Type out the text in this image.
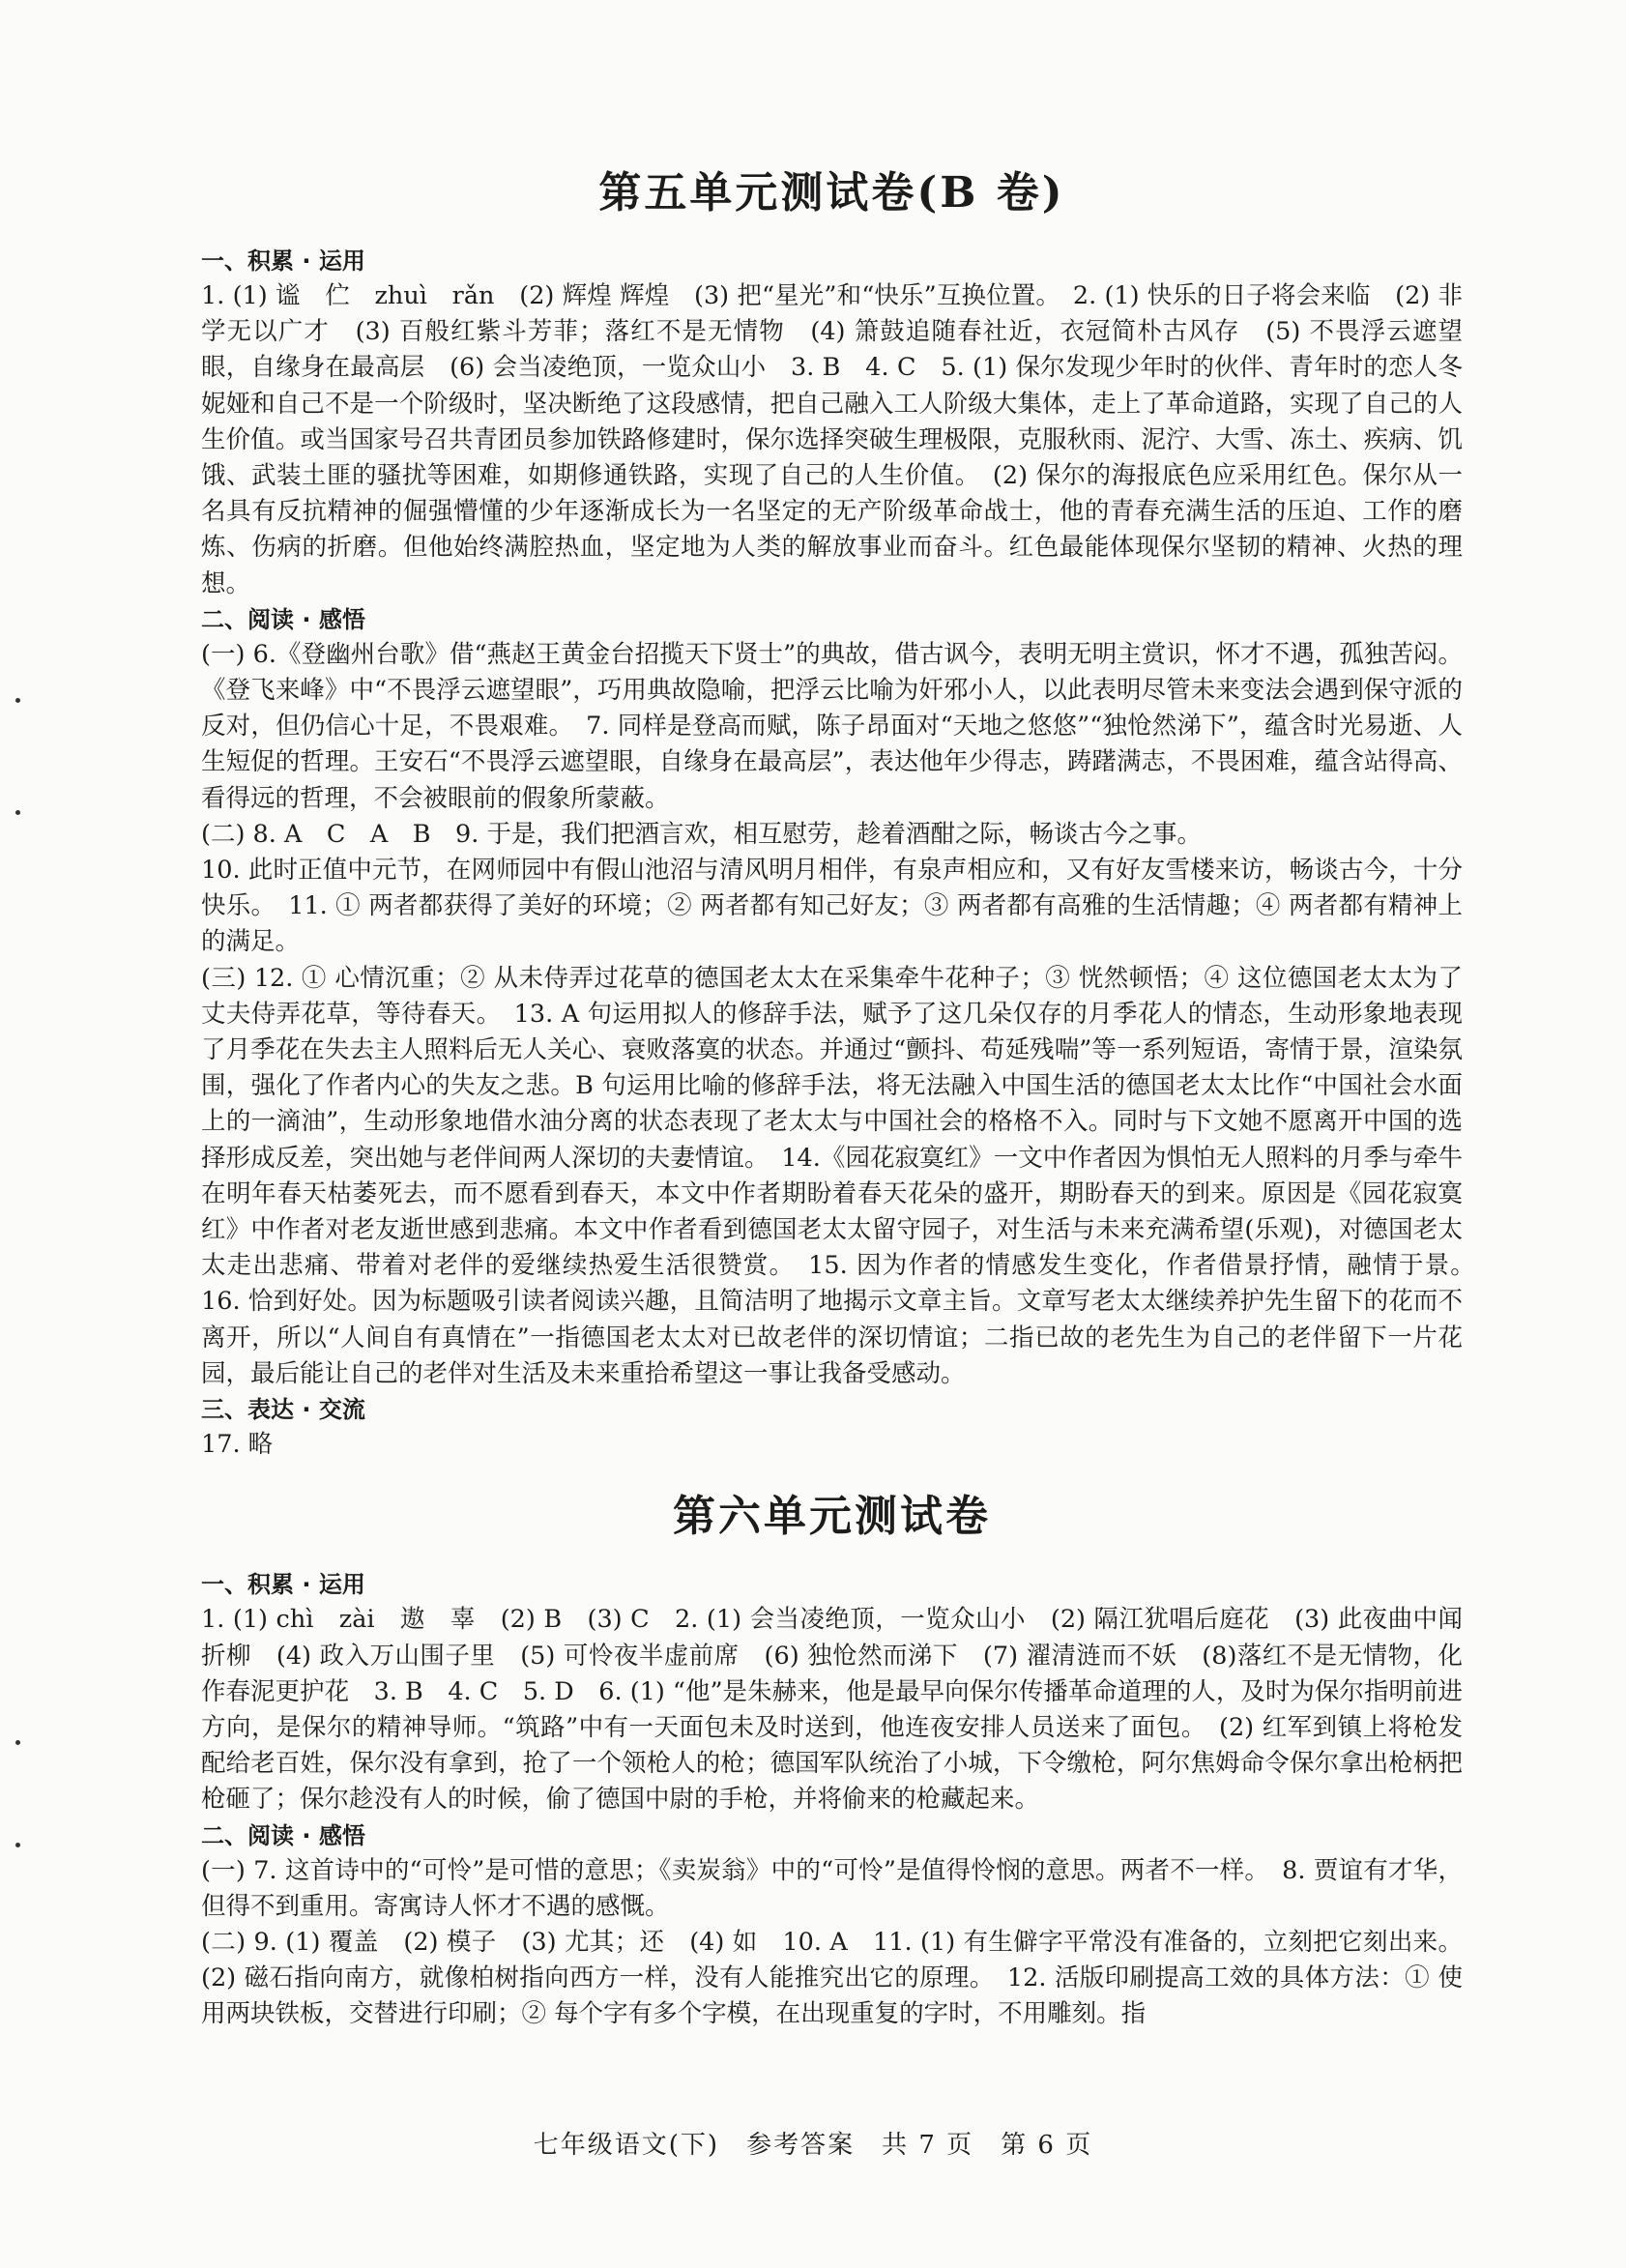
第五单元测试卷(B 卷)
一、积累 · 运用

1. (1) 谧　伫　zhuì　rǎn　(2) 辉煌 辉煌　(3) 把“星光”和“快乐”互换位置。　2. (1) 快乐的日子将会来临　(2) 非学无以广才　(3) 百般红紫斗芳菲；落红不是无情物　(4) 箫鼓追随春社近，衣冠简朴古风存　(5) 不畏浮云遮望眼，自缘身在最高层　(6) 会当凌绝顶，一览众山小　3. B　4. C　5. (1) 保尔发现少年时的伙伴、青年时的恋人冬妮娅和自己不是一个阶级时，坚决断绝了这段感情，把自己融入工人阶级大集体，走上了革命道路，实现了自己的人生价值。或当国家号召共青团员参加铁路修建时，保尔选择突破生理极限，克服秋雨、泥泞、大雪、冻土、疾病、饥饿、武装土匪的骚扰等困难，如期修通铁路，实现了自己的人生价值。　(2) 保尔的海报底色应采用红色。保尔从一名具有反抗精神的倔强懵懂的少年逐渐成长为一名坚定的无产阶级革命战士，他的青春充满生活的压迫、工作的磨炼、伤病的折磨。但他始终满腔热血，坚定地为人类的解放事业而奋斗。红色最能体现保尔坚韧的精神、火热的理想。

二、阅读 · 感悟

(一) 6.《登幽州台歌》借“燕赵王黄金台招揽天下贤士”的典故，借古讽今，表明无明主赏识，怀才不遇，孤独苦闷。《登飞来峰》中“不畏浮云遮望眼”，巧用典故隐喻，把浮云比喻为奸邪小人，以此表明尽管未来变法会遇到保守派的反对，但仍信心十足，不畏艰难。　7. 同样是登高而赋，陈子昂面对“天地之悠悠”“独怆然涕下”，蕴含时光易逝、人生短促的哲理。王安石“不畏浮云遮望眼，自缘身在最高层”，表达他年少得志，踌躇满志，不畏困难，蕴含站得高、看得远的哲理，不会被眼前的假象所蒙蔽。

(二) 8. A　C　A　B　9. 于是，我们把酒言欢，相互慰劳，趁着酒酣之际，畅谈古今之事。

10. 此时正值中元节，在网师园中有假山池沼与清风明月相伴，有泉声相应和，又有好友雪楼来访，畅谈古今，十分快乐。　11. ① 两者都获得了美好的环境；② 两者都有知己好友；③ 两者都有高雅的生活情趣；④ 两者都有精神上的满足。

(三) 12. ① 心情沉重；② 从未侍弄过花草的德国老太太在采集牵牛花种子；③ 恍然顿悟；④ 这位德国老太太为了丈夫侍弄花草，等待春天。　13. A 句运用拟人的修辞手法，赋予了这几朵仅存的月季花人的情态，生动形象地表现了月季花在失去主人照料后无人关心、衰败落寞的状态。并通过“颤抖、苟延残喘”等一系列短语，寄情于景，渲染氛围，强化了作者内心的失友之悲。B 句运用比喻的修辞手法，将无法融入中国生活的德国老太太比作“中国社会水面上的一滴油”，生动形象地借水油分离的状态表现了老太太与中国社会的格格不入。同时与下文她不愿离开中国的选择形成反差，突出她与老伴间两人深切的夫妻情谊。　14.《园花寂寞红》一文中作者因为惧怕无人照料的月季与牵牛在明年春天枯萎死去，而不愿看到春天，本文中作者期盼着春天花朵的盛开，期盼春天的到来。原因是《园花寂寞红》中作者对老友逝世感到悲痛。本文中作者看到德国老太太留守园子，对生活与未来充满希望(乐观)，对德国老太太走出悲痛、带着对老伴的爱继续热爱生活很赞赏。　15. 因为作者的情感发生变化，作者借景抒情，融情于景。　16. 恰到好处。因为标题吸引读者阅读兴趣，且简洁明了地揭示文章主旨。文章写老太太继续养护先生留下的花而不离开，所以“人间自有真情在”一指德国老太太对已故老伴的深切情谊；二指已故的老先生为自己的老伴留下一片花园，最后能让自己的老伴对生活及未来重拾希望这一事让我备受感动。

三、表达 · 交流

17. 略

第六单元测试卷
一、积累 · 运用

1. (1) chì　zài　遨　辜　(2) B　(3) C　2. (1) 会当凌绝顶，一览众山小　(2) 隔江犹唱后庭花　(3) 此夜曲中闻折柳　(4) 政入万山围子里　(5) 可怜夜半虚前席　(6) 独怆然而涕下　(7) 濯清涟而不妖　(8)落红不是无情物，化作春泥更护花　3. B　4. C　5. D　6. (1) “他”是朱赫来，他是最早向保尔传播革命道理的人，及时为保尔指明前进方向，是保尔的精神导师。“筑路”中有一天面包未及时送到，他连夜安排人员送来了面包。　(2) 红军到镇上将枪发配给老百姓，保尔没有拿到，抢了一个领枪人的枪；德国军队统治了小城，下令缴枪，阿尔焦姆命令保尔拿出枪柄把枪砸了；保尔趁没有人的时候，偷了德国中尉的手枪，并将偷来的枪藏起来。

二、阅读 · 感悟

(一) 7. 这首诗中的“可怜”是可惜的意思；《卖炭翁》中的“可怜”是值得怜悯的意思。两者不一样。　8. 贾谊有才华，但得不到重用。寄寓诗人怀才不遇的感慨。

(二) 9. (1) 覆盖　(2) 模子　(3) 尤其；还　(4) 如　10. A　11. (1) 有生僻字平常没有准备的，立刻把它刻出来。(2) 磁石指向南方，就像柏树指向西方一样，没有人能推究出它的原理。　12. 活版印刷提高工效的具体方法：① 使用两块铁板，交替进行印刷；② 每个字有多个字模，在出现重复的字时，不用雕刻。指

七年级语文(下)　参考答案　共 7 页　第 6 页
